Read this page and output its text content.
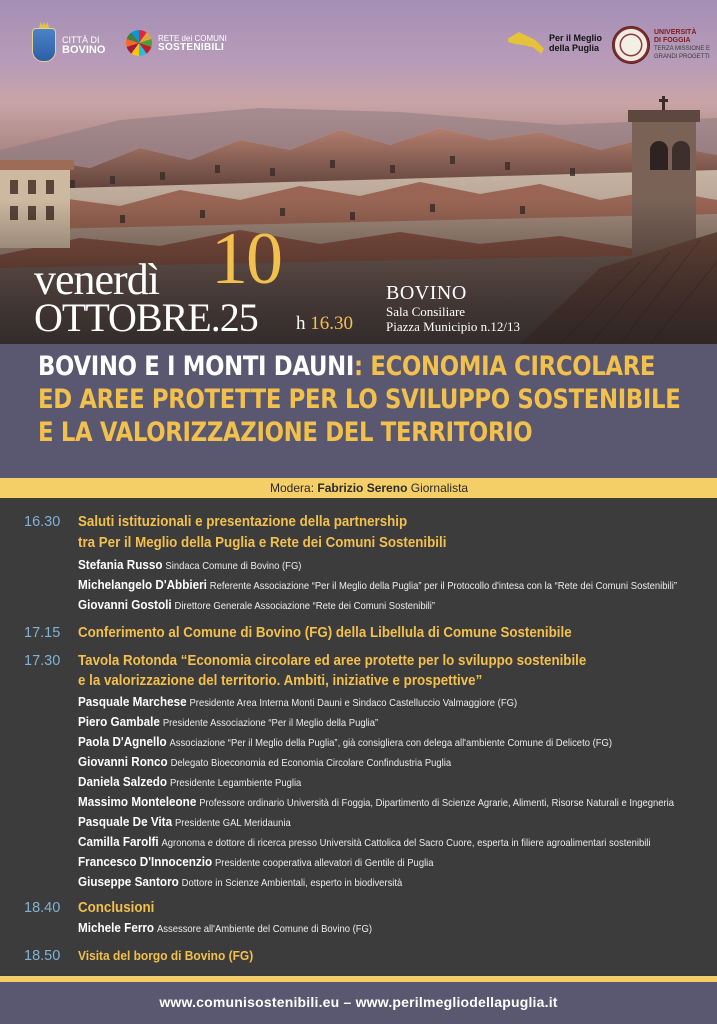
CITTÀ DI
BOVINO
RETE dei COMUNI
SOSTENIBILI
Per il Meglio
della Puglia
UNIVERSITÀ
DI FOGGIA
TERZA MISSIONE E
GRANDI PROGETTI
venerdì 10
OTTOBRE.25 h 16.30
BOVINO
Sala Consiliare
Piazza Municipio n.12/13
BOVINO E I MONTI DAUNI: ECONOMIA CIRCOLARE
ED AREE PROTETTE PER LO SVILUPPO SOSTENIBILE
E LA VALORIZZAZIONE DEL TERRITORIO
Modera: Fabrizio Sereno Giornalista
16.30 Saluti istituzionali e presentazione della partnership
tra Per il Meglio della Puglia e Rete dei Comuni Sostenibili
Stefania Russo Sindaca Comune di Bovino (FG)
Michelangelo D'Abbieri Referente Associazione “Per il Meglio della Puglia” per il Protocollo d'intesa con la “Rete dei Comuni Sostenibili”
Giovanni Gostoli Direttore Generale Associazione “Rete dei Comuni Sostenibili”
17.15 Conferimento al Comune di Bovino (FG) della Libellula di Comune Sostenibile
17.30 Tavola Rotonda “Economia circolare ed aree protette per lo sviluppo sostenibile
e la valorizzazione del territorio. Ambiti, iniziative e prospettive”
Pasquale Marchese Presidente Area Interna Monti Dauni e Sindaco Castelluccio Valmaggiore (FG)
Piero Gambale Presidente Associazione “Per il Meglio della Puglia”
Paola D'Agnello Associazione “Per il Meglio della Puglia”, già consigliera con delega all'ambiente Comune di Deliceto (FG)
Giovanni Ronco Delegato Bioeconomia ed Economia Circolare Confindustria Puglia
Daniela Salzedo Presidente Legambiente Puglia
Massimo Monteleone Professore ordinario Università di Foggia, Dipartimento di Scienze Agrarie, Alimenti, Risorse Naturali e Ingegneria
Pasquale De Vita Presidente GAL Meridaunia
Camilla Farolfi Agronoma e dottore di ricerca presso Università Cattolica del Sacro Cuore, esperta in filiere agroalimentari sostenibili
Francesco D'Innocenzio Presidente cooperativa allevatori di Gentile di Puglia
Giuseppe Santoro Dottore in Scienze Ambientali, esperto in biodiversità
18.40 Conclusioni
Michele Ferro Assessore all'Ambiente del Comune di Bovino (FG)
18.50 Visita del borgo di Bovino (FG)
www.comunisostenibili.eu – www.perilmegliodellapuglia.it
